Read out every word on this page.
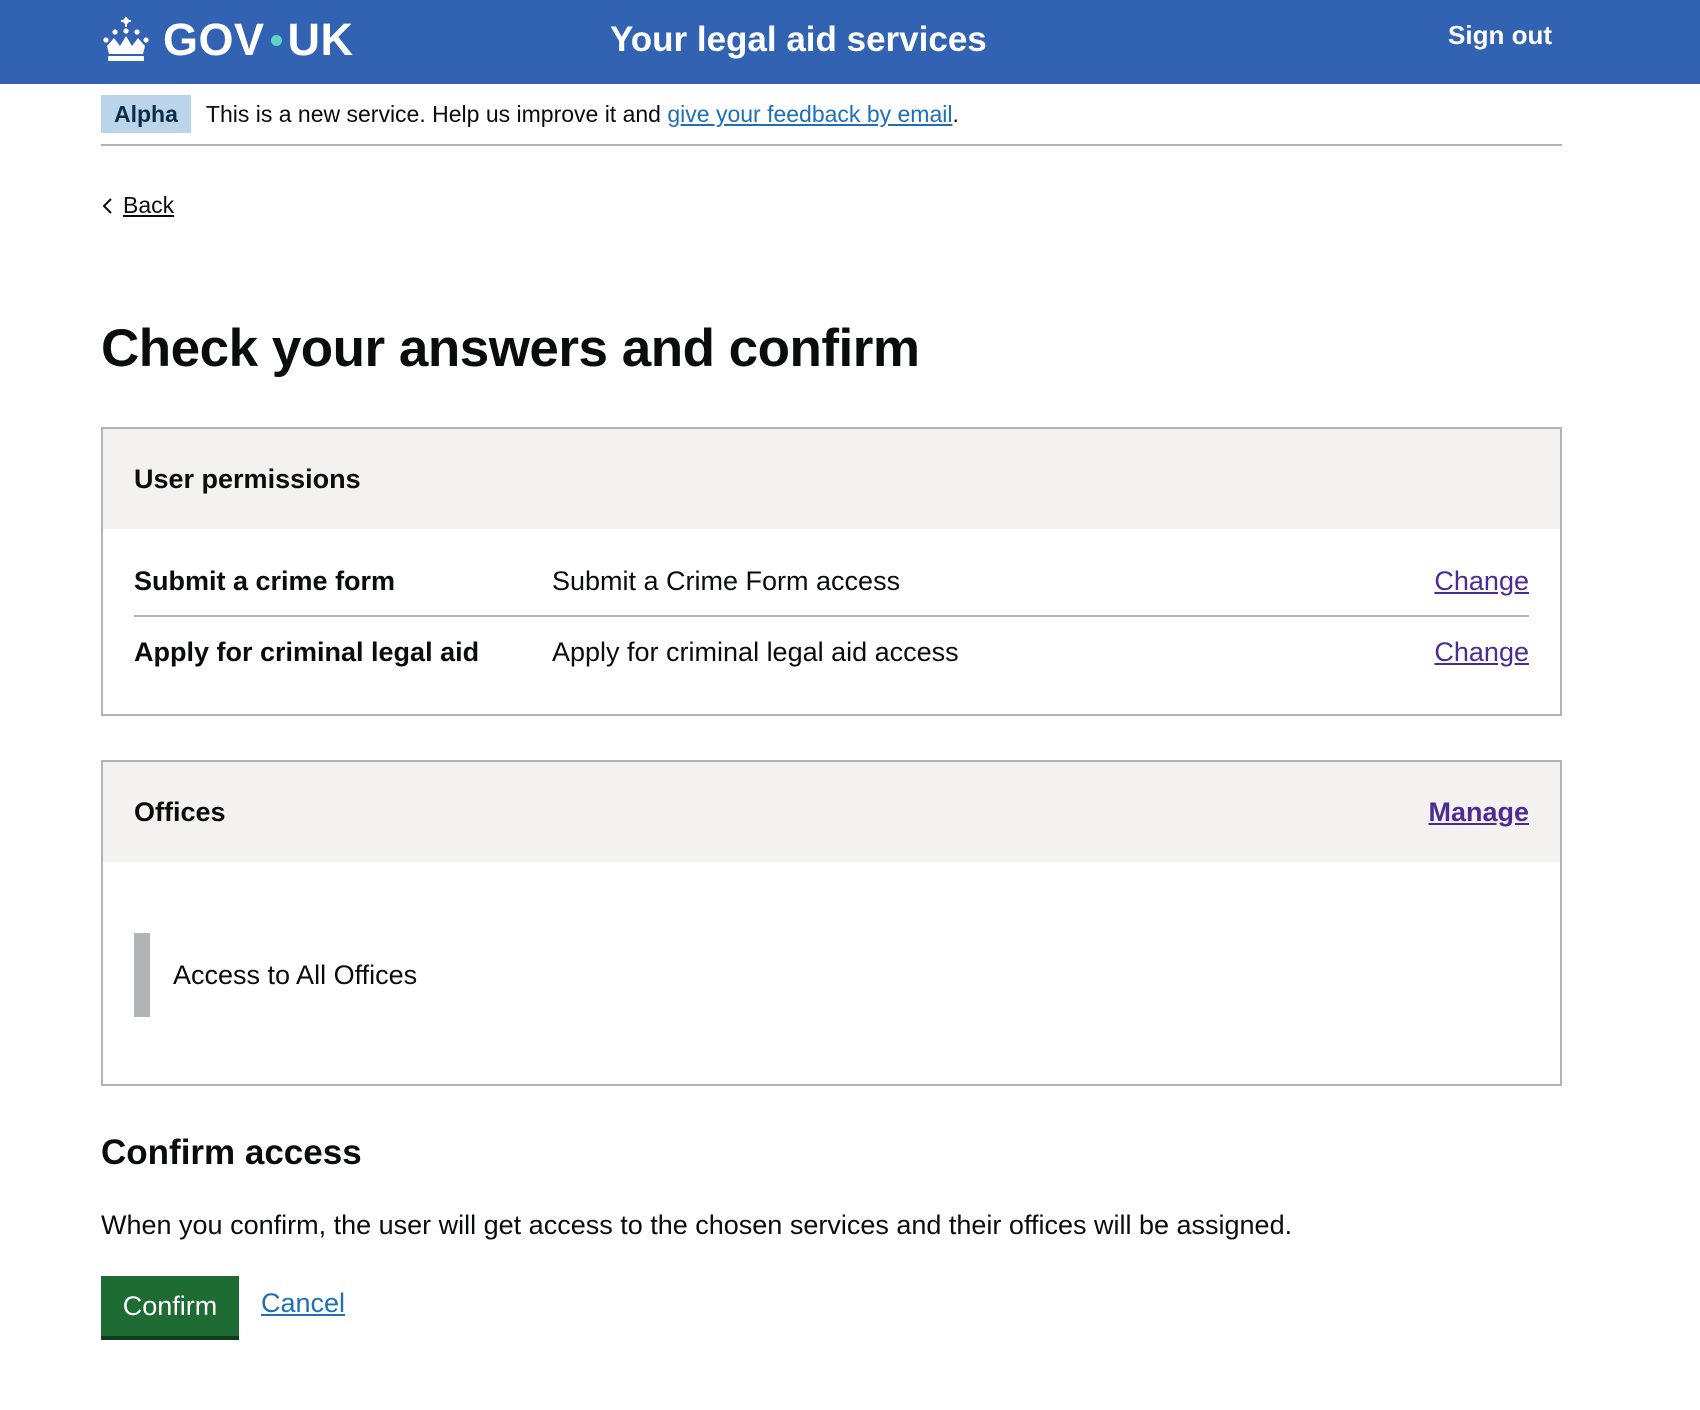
GOV UK	Your legal aid services	Sign out
Alpha	This is a new service. Help us improve it and give your feedback by email.
Back
Check your answers and confirm
User permissions
Submit a crime form	Submit a Crime Form access	Change
Apply for criminal legal aid	Apply for criminal legal aid access	Change
Offices	Manage
Access to All Offices
Confirm access

When you confirm, the user will get access to the chosen services and their offices will be assigned.

Confirm	Cancel
